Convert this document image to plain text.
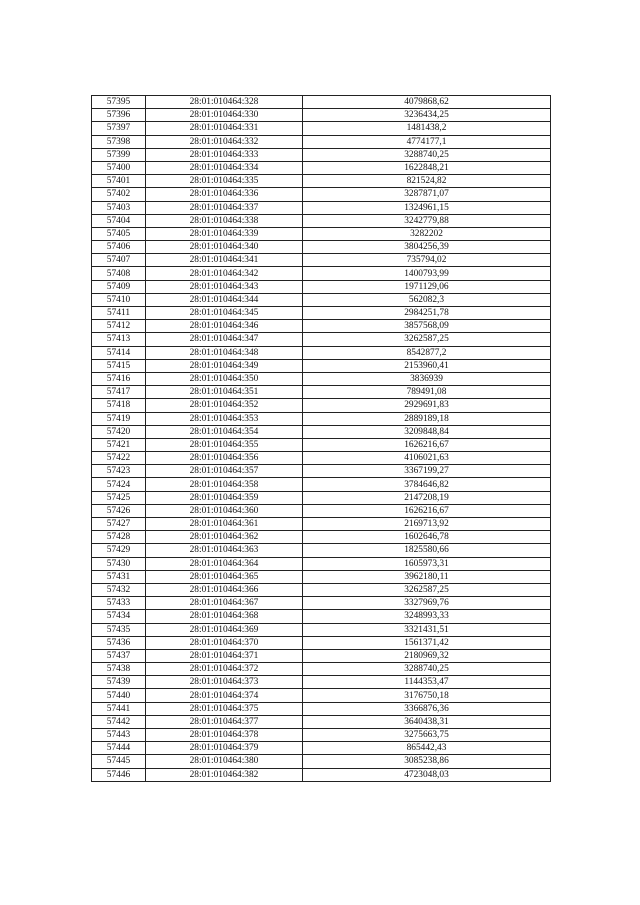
57395	28:01:010464:328	4079868,62
57396	28:01:010464:330	3236434,25
57397	28:01:010464:331	1481438,2
57398	28:01:010464:332	4774177,1
57399	28:01:010464:333	3288740,25
57400	28:01:010464:334	1622848,21
57401	28:01:010464:335	821524,82
57402	28:01:010464:336	3287871,07
57403	28:01:010464:337	1324961,15
57404	28:01:010464:338	3242779,88
57405	28:01:010464:339	3282202
57406	28:01:010464:340	3804256,39
57407	28:01:010464:341	735794,02
57408	28:01:010464:342	1400793,99
57409	28:01:010464:343	1971129,06
57410	28:01:010464:344	562082,3
57411	28:01:010464:345	2984251,78
57412	28:01:010464:346	3857568,09
57413	28:01:010464:347	3262587,25
57414	28:01:010464:348	8542877,2
57415	28:01:010464:349	2153960,41
57416	28:01:010464:350	3836939
57417	28:01:010464:351	789491,08
57418	28:01:010464:352	2929691,83
57419	28:01:010464:353	2889189,18
57420	28:01:010464:354	3209848,84
57421	28:01:010464:355	1626216,67
57422	28:01:010464:356	4106021,63
57423	28:01:010464:357	3367199,27
57424	28:01:010464:358	3784646,82
57425	28:01:010464:359	2147208,19
57426	28:01:010464:360	1626216,67
57427	28:01:010464:361	2169713,92
57428	28:01:010464:362	1602646,78
57429	28:01:010464:363	1825580,66
57430	28:01:010464:364	1605973,31
57431	28:01:010464:365	3962180,11
57432	28:01:010464:366	3262587,25
57433	28:01:010464:367	3327969,76
57434	28:01:010464:368	3248993,33
57435	28:01:010464:369	3321431,51
57436	28:01:010464:370	1561371,42
57437	28:01:010464:371	2180969,32
57438	28:01:010464:372	3288740,25
57439	28:01:010464:373	1144353,47
57440	28:01:010464:374	3176750,18
57441	28:01:010464:375	3366876,36
57442	28:01:010464:377	3640438,31
57443	28:01:010464:378	3275663,75
57444	28:01:010464:379	865442,43
57445	28:01:010464:380	3085238,86
57446	28:01:010464:382	4723048,03
